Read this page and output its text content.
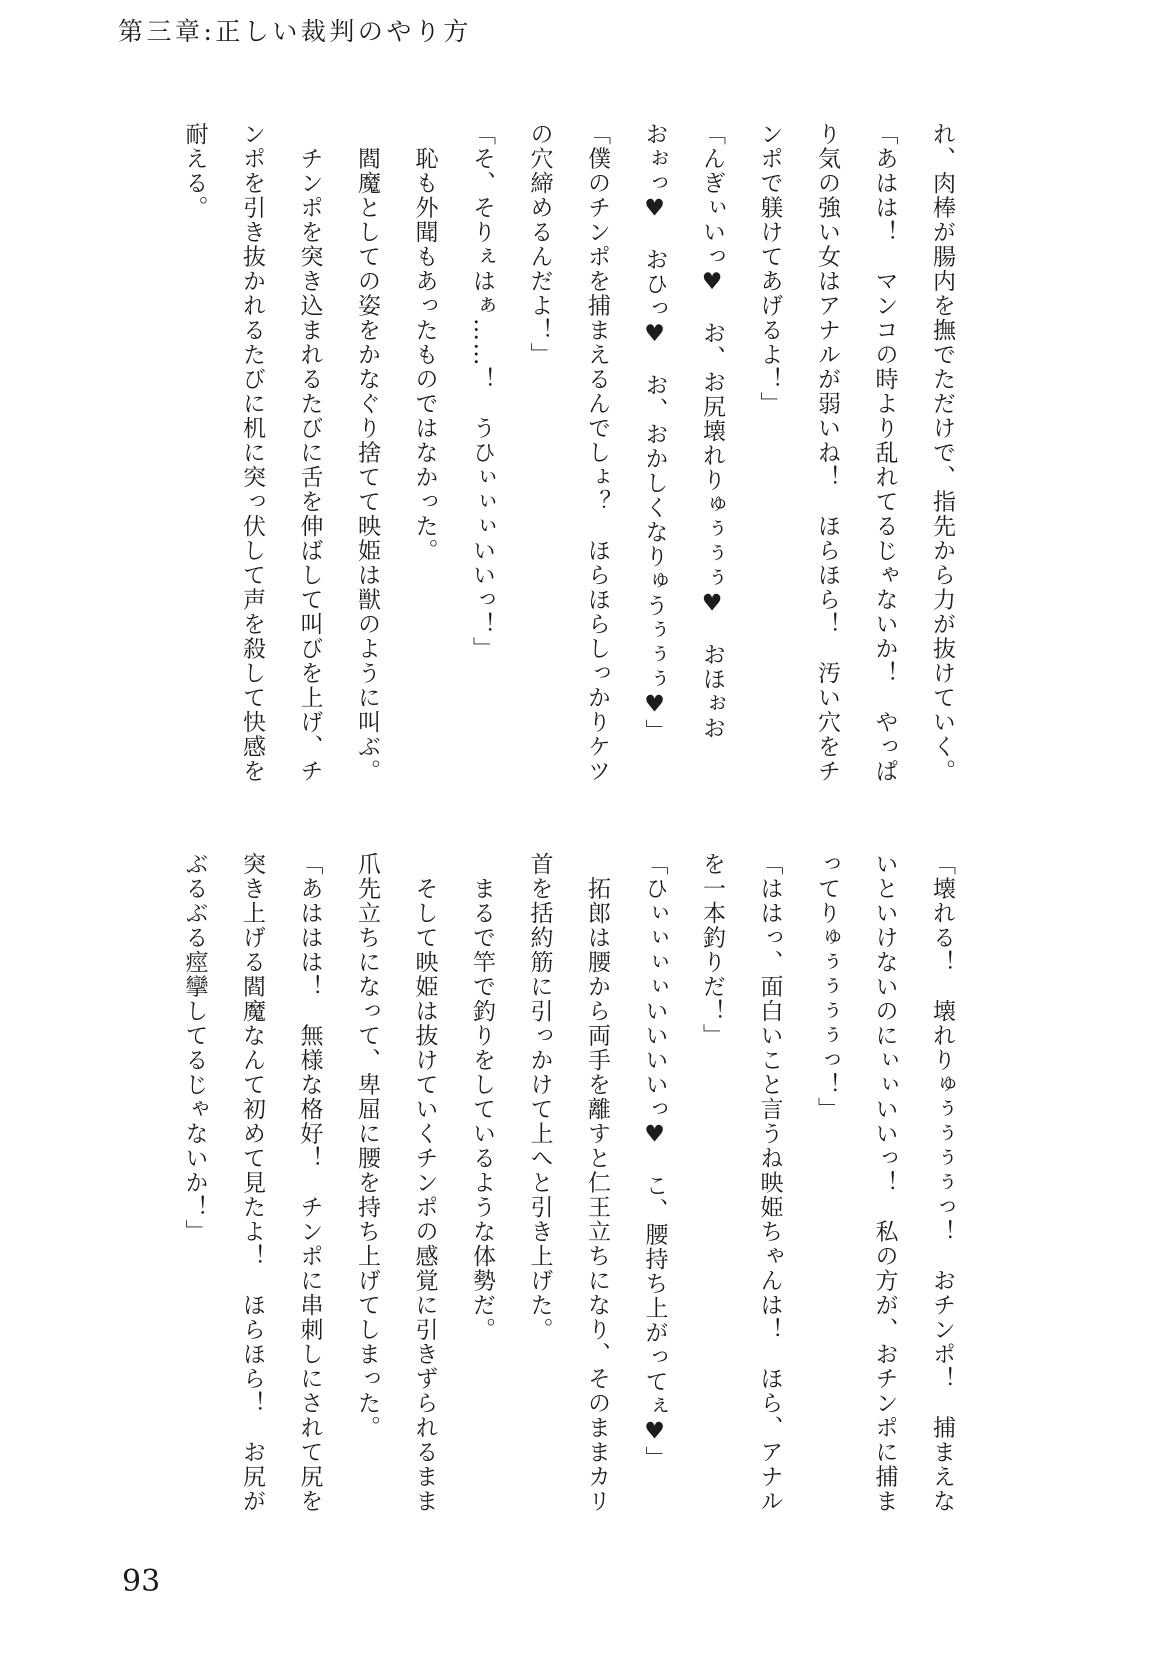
第三章:正しい裁判のやり方

れ、肉棒が腸内を撫でただけで、指先から力が抜けていく。

「あはは！　マンコの時より乱れてるじゃないか！　やっぱ

り気の強い女はアナルが弱いね！　ほらほら！　汚い穴をチ

ンポで躾けてあげるよ！」

「んぎぃいっ♥　お、お尻壊れりゅぅぅぅ♥　おほぉお

おぉっ♥　おひっ♥　お、おかしくなりゅうぅぅぅ♥」

「僕のチンポを捕まえるんでしょ？　ほらほらしっかりケツ

の穴締めるんだよ！」

「そ、そりぇはぁ……！　うひぃぃぃいいっ！」

　恥も外聞もあったものではなかった。

　閻魔としての姿をかなぐり捨てて映姫は獣のように叫ぶ。

　チンポを突き込まれるたびに舌を伸ばして叫びを上げ、チ

ンポを引き抜かれるたびに机に突っ伏して声を殺して快感を

耐える。

「壊れる！　壊れりゅぅぅぅぅっ！　おチンポ！　捕まえな

いといけないのにぃぃいいっ！　私の方が、おチンポに捕ま

ってりゅぅぅぅぅっ！」

「ははっ、面白いこと言うね映姫ちゃんは！　ほら、アナル

を一本釣りだ！」

「ひぃぃぃぃいいいいっ♥　こ、腰持ち上がってぇ♥」

　拓郎は腰から両手を離すと仁王立ちになり、そのままカリ

首を括約筋に引っかけて上へと引き上げた。

　まるで竿で釣りをしているような体勢だ。

　そして映姫は抜けていくチンポの感覚に引きずられるまま

爪先立ちになって、卑屈に腰を持ち上げてしまった。

「あははは！　無様な格好！　チンポに串刺しにされて尻を

突き上げる閻魔なんて初めて見たよ！　ほらほら！　お尻が

ぶるぶる痙攣してるじゃないか！」

93
